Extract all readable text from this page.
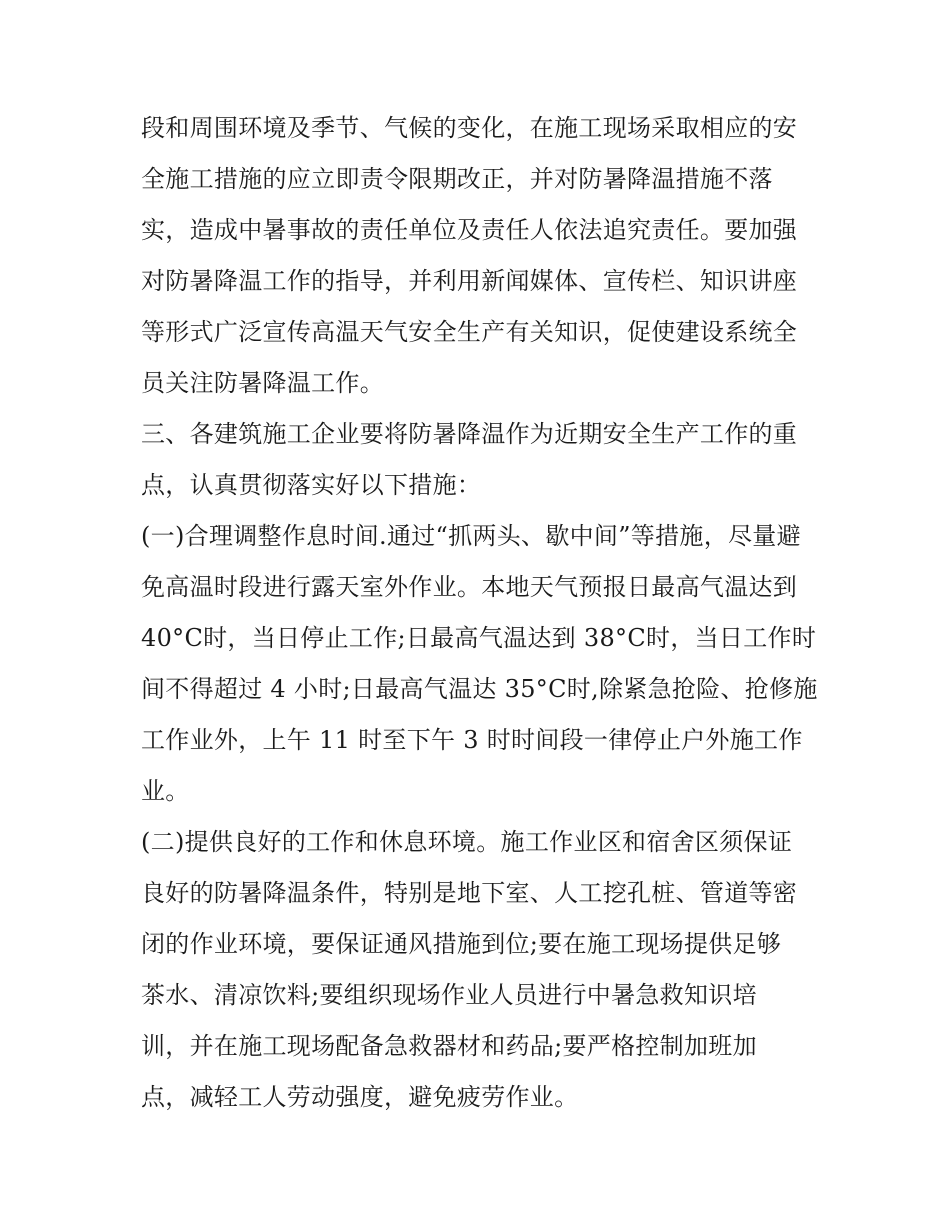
段和周围环境及季节、气候的变化，在施工现场采取相应的安
全施工措施的应立即责令限期改正，并对防暑降温措施不落
实，造成中暑事故的责任单位及责任人依法追究责任。要加强
对防暑降温工作的指导，并利用新闻媒体、宣传栏、知识讲座
等形式广泛宣传高温天气安全生产有关知识，促使建设系统全
员关注防暑降温工作。
三、各建筑施工企业要将防暑降温作为近期安全生产工作的重
点，认真贯彻落实好以下措施：
(一)合理调整作息时间.通过“抓两头、歇中间”等措施，尽量避
免高温时段进行露天室外作业。本地天气预报日最高气温达到
40°C时，当日停止工作;日最高气温达到 38°C时，当日工作时
间不得超过 4 小时;日最高气温达 35°C时,除紧急抢险、抢修施
工作业外，上午 11 时至下午 3 时时间段一律停止户外施工作
业。
(二)提供良好的工作和休息环境。施工作业区和宿舍区须保证
良好的防暑降温条件，特别是地下室、人工挖孔桩、管道等密
闭的作业环境，要保证通风措施到位;要在施工现场提供足够
茶水、清凉饮料;要组织现场作业人员进行中暑急救知识培
训，并在施工现场配备急救器材和药品;要严格控制加班加
点，减轻工人劳动强度，避免疲劳作业。
